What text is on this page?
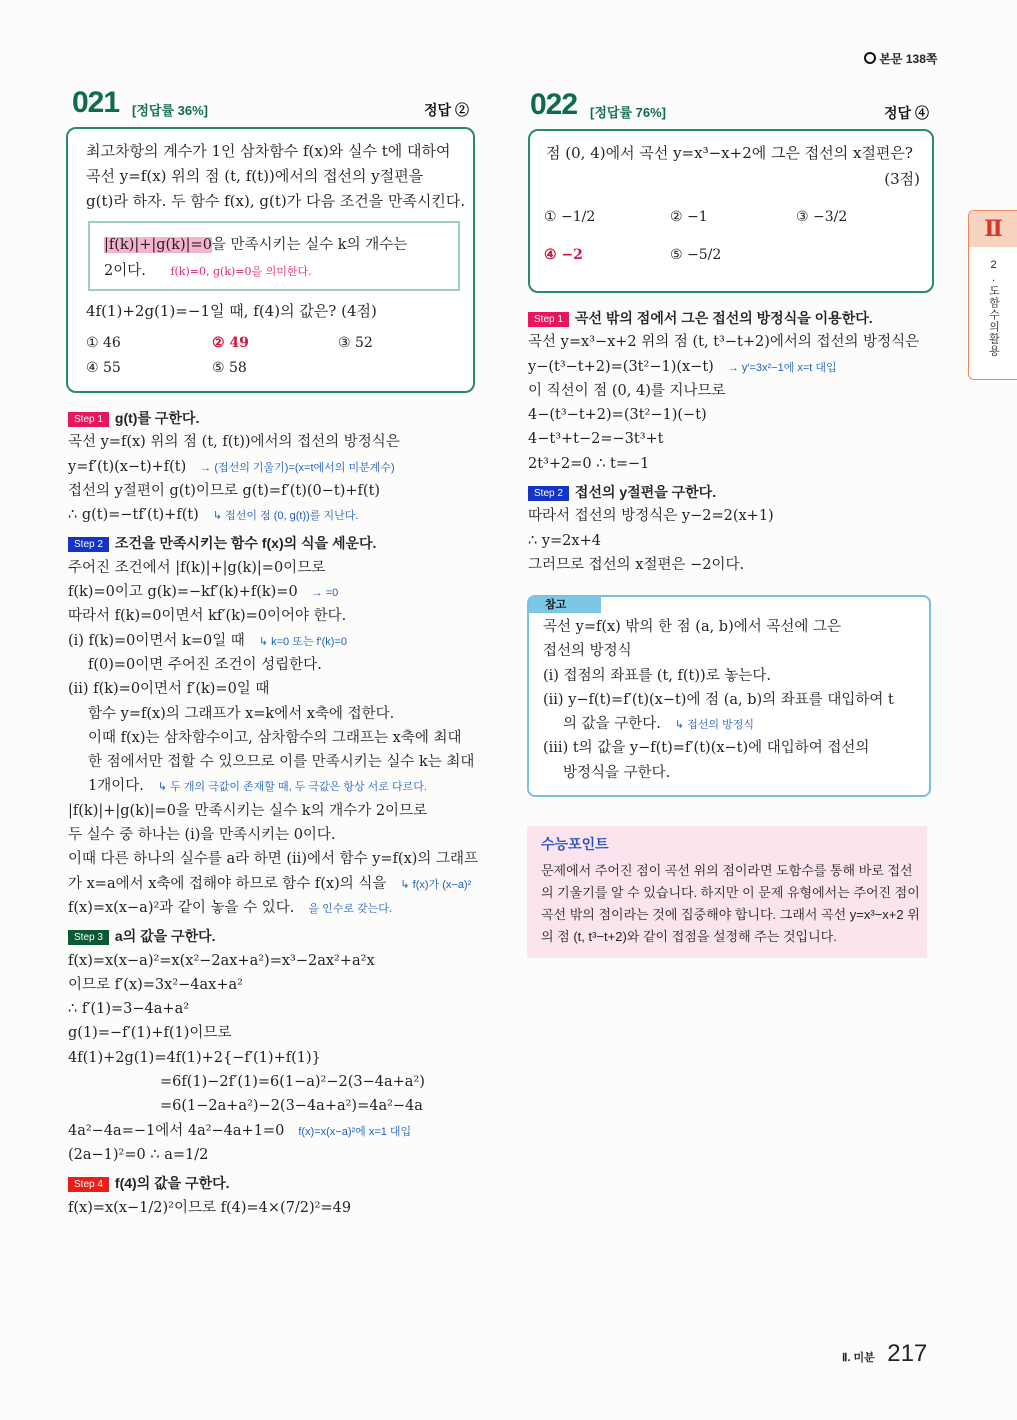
본문 138쪽
021 [정답률 36%]	정답 ②
최고차항의 계수가 1인 삼차함수 f(x)와 실수 t에 대하여
곡선 y=f(x) 위의 점 (t, f(t))에서의 접선의 y절편을
g(t)라 하자. 두 함수 f(x), g(t)가 다음 조건을 만족시킨다.
|f(k)|+|g(k)|=0을 만족시키는 실수 k의 개수는
2이다. f(k)=0, g(k)=0을 의미한다.
4f(1)+2g(1)=−1일 때, f(4)의 값은? (4점)
① 46	② 49	③ 52
④ 55	⑤ 58
Step 1 g(t)를 구한다.
곡선 y=f(x) 위의 점 (t, f(t))에서의 접선의 방정식은
y=f′(t)(x−t)+f(t) → (접선의 기울기)=(x=t에서의 미분계수)
접선의 y절편이 g(t)이므로 g(t)=f′(t)(0−t)+f(t)
∴ g(t)=−tf′(t)+f(t) ↳ 접선이 점 (0, g(t))를 지난다.
Step 2 조건을 만족시키는 함수 f(x)의 식을 세운다.
주어진 조건에서 |f(k)|+|g(k)|=0이므로
f(k)=0이고 g(k)=−kf′(k)+f(k)=0 → =0
따라서 f(k)=0이면서 kf′(k)=0이어야 한다.
(i) f(k)=0이면서 k=0일 때 ↳ k=0 또는 f′(k)=0
f(0)=0이면 주어진 조건이 성립한다.
(ii) f(k)=0이면서 f′(k)=0일 때
함수 y=f(x)의 그래프가 x=k에서 x축에 접한다.
이때 f(x)는 삼차함수이고, 삼차함수의 그래프는 x축에 최대
한 점에서만 접할 수 있으므로 이를 만족시키는 실수 k는 최대
1개이다. ↳ 두 개의 극값이 존재할 때, 두 극값은 항상 서로 다르다.
|f(k)|+|g(k)|=0을 만족시키는 실수 k의 개수가 2이므로
두 실수 중 하나는 (i)을 만족시키는 0이다.
이때 다른 하나의 실수를 a라 하면 (ii)에서 함수 y=f(x)의 그래프
가 x=a에서 x축에 접해야 하므로 함수 f(x)의 식을 ↳ f(x)가 (x−a)²
f(x)=x(x−a)²과 같이 놓을 수 있다. 을 인수로 갖는다.
Step 3 a의 값을 구한다.
f(x)=x(x−a)²=x(x²−2ax+a²)=x³−2ax²+a²x
이므로 f′(x)=3x²−4ax+a²
∴ f′(1)=3−4a+a²
g(1)=−f′(1)+f(1)이므로
4f(1)+2g(1)=4f(1)+2{−f′(1)+f(1)}
=6f(1)−2f′(1)=6(1−a)²−2(3−4a+a²)
=6(1−2a+a²)−2(3−4a+a²)=4a²−4a
4a²−4a=−1에서 4a²−4a+1=0 f(x)=x(x−a)²에 x=1 대입
(2a−1)²=0 ∴ a=1/2
Step 4 f(4)의 값을 구한다.
f(x)=x(x−1/2)²이므로 f(4)=4×(7/2)²=49
022 [정답률 76%]	정답 ④
점 (0, 4)에서 곡선 y=x³−x+2에 그은 접선의 x절편은?
(3점)
① −1/2	② −1	③ −3/2
④ −2	⑤ −5/2
Step 1 곡선 밖의 점에서 그은 접선의 방정식을 이용한다.
곡선 y=x³−x+2 위의 점 (t, t³−t+2)에서의 접선의 방정식은
y−(t³−t+2)=(3t²−1)(x−t) → y′=3x²−1에 x=t 대입
이 직선이 점 (0, 4)를 지나므로
4−(t³−t+2)=(3t²−1)(−t)
4−t³+t−2=−3t³+t
2t³+2=0 ∴ t=−1
Step 2 접선의 y절편을 구한다.
따라서 접선의 방정식은 y−2=2(x+1)
∴ y=2x+4
그러므로 접선의 x절편은 −2이다.
참고
곡선 y=f(x) 밖의 한 점 (a, b)에서 곡선에 그은
접선의 방정식
(i) 접점의 좌표를 (t, f(t))로 놓는다.
(ii) y−f(t)=f′(t)(x−t)에 점 (a, b)의 좌표를 대입하여 t
의 값을 구한다. ↳ 접선의 방정식
(iii) t의 값을 y−f(t)=f′(t)(x−t)에 대입하여 접선의
방정식을 구한다.
수능포인트
문제에서 주어진 점이 곡선 위의 점이라면 도함수를 통해 바로 접선의 기울기를 알 수 있습니다. 하지만 이 문제 유형에서는 주어진 점이 곡선 밖의 점이라는 것에 집중해야 합니다. 그래서 곡선 y=x³−x+2 위의 점 (t, t³−t+2)와 같이 접점을 설정해 주는 것입니다.
Ⅱ
2.도함수의활용
Ⅱ. 미분 217
